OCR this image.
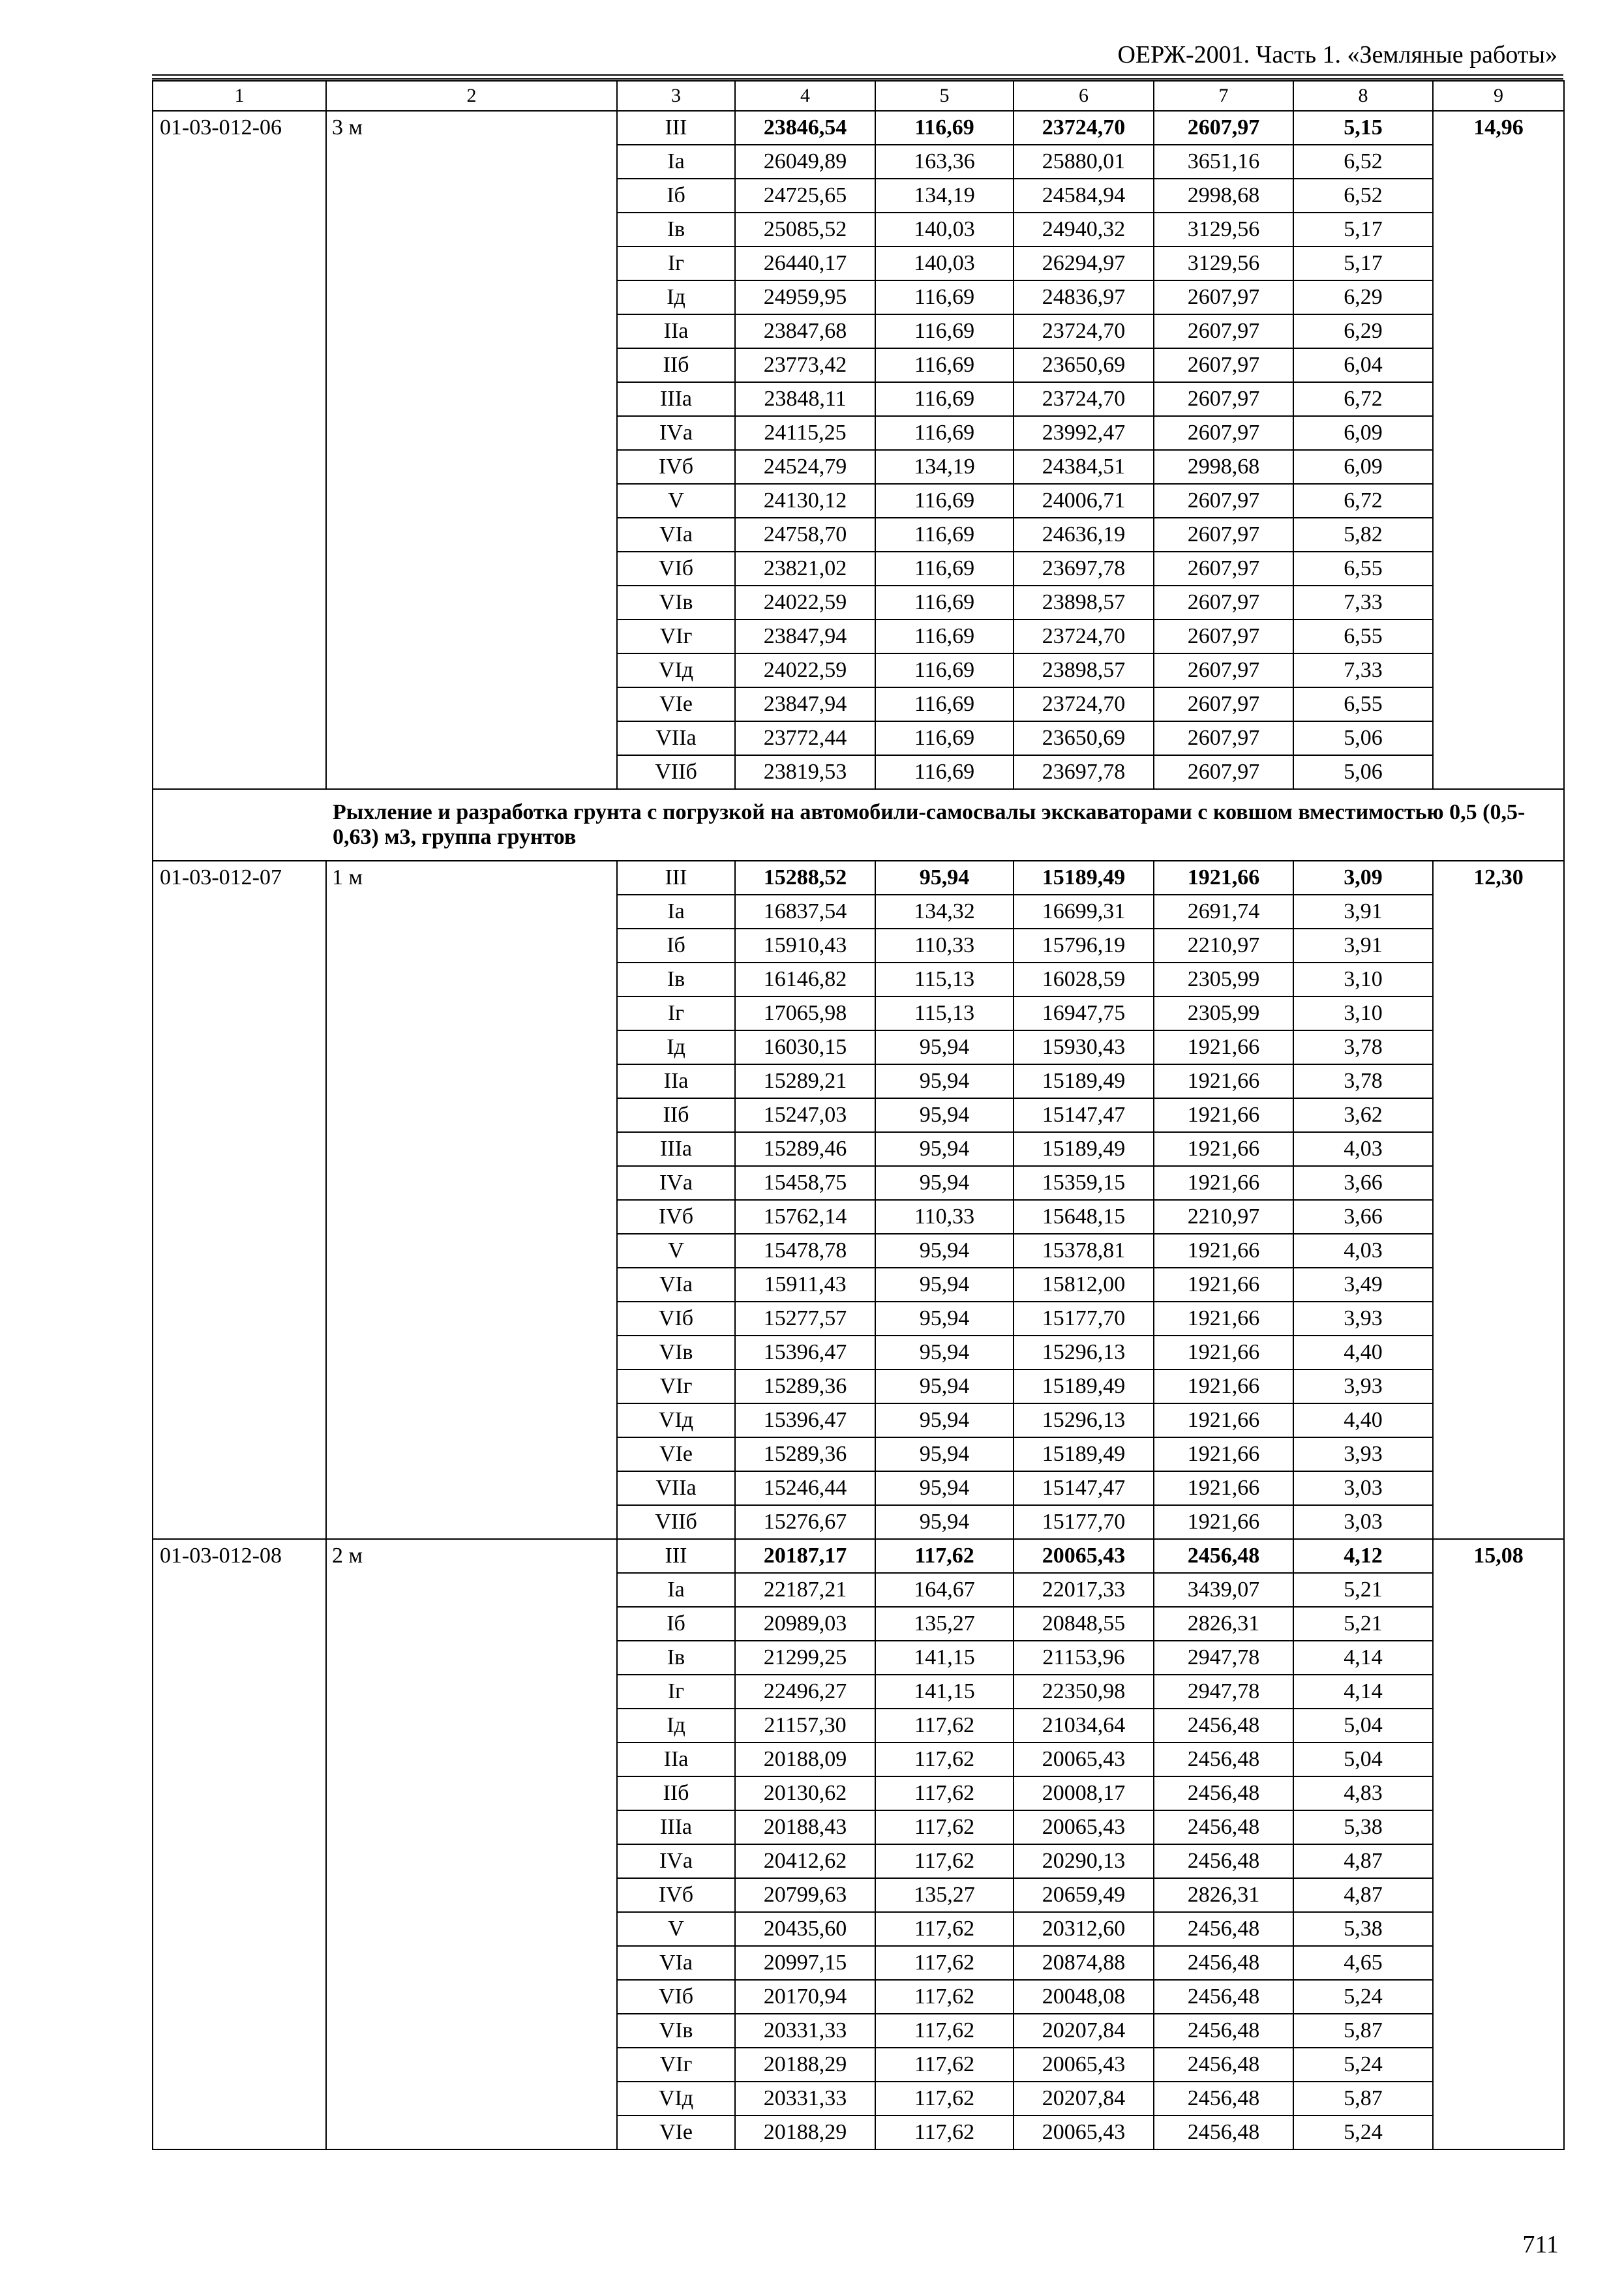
ОЕРЖ-2001. Часть 1. «Земляные работы»
1	2	3	4	5	6	7	8	9
01-03-012-06	3 м	III	23846,54	116,69	23724,70	2607,97	5,15	14,96
		Iа	26049,89	163,36	25880,01	3651,16	6,52	
		Iб	24725,65	134,19	24584,94	2998,68	6,52	
		Iв	25085,52	140,03	24940,32	3129,56	5,17	
		Iг	26440,17	140,03	26294,97	3129,56	5,17	
		Iд	24959,95	116,69	24836,97	2607,97	6,29	
		IIа	23847,68	116,69	23724,70	2607,97	6,29	
		IIб	23773,42	116,69	23650,69	2607,97	6,04	
		IIIа	23848,11	116,69	23724,70	2607,97	6,72	
		IVа	24115,25	116,69	23992,47	2607,97	6,09	
		IVб	24524,79	134,19	24384,51	2998,68	6,09	
		V	24130,12	116,69	24006,71	2607,97	6,72	
		VIа	24758,70	116,69	24636,19	2607,97	5,82	
		VIб	23821,02	116,69	23697,78	2607,97	6,55	
		VIв	24022,59	116,69	23898,57	2607,97	7,33	
		VIг	23847,94	116,69	23724,70	2607,97	6,55	
		VIд	24022,59	116,69	23898,57	2607,97	7,33	
		VIе	23847,94	116,69	23724,70	2607,97	6,55	
		VIIа	23772,44	116,69	23650,69	2607,97	5,06	
		VIIб	23819,53	116,69	23697,78	2607,97	5,06	
	Рыхление и разработка грунта с погрузкой на автомобили-самосвалы экскаваторами с ковшом вместимостью 0,5 (0,5-0,63) м3, группа грунтов							
01-03-012-07	1 м	III	15288,52	95,94	15189,49	1921,66	3,09	12,30
		Iа	16837,54	134,32	16699,31	2691,74	3,91	
		Iб	15910,43	110,33	15796,19	2210,97	3,91	
		Iв	16146,82	115,13	16028,59	2305,99	3,10	
		Iг	17065,98	115,13	16947,75	2305,99	3,10	
		Iд	16030,15	95,94	15930,43	1921,66	3,78	
		IIа	15289,21	95,94	15189,49	1921,66	3,78	
		IIб	15247,03	95,94	15147,47	1921,66	3,62	
		IIIа	15289,46	95,94	15189,49	1921,66	4,03	
		IVа	15458,75	95,94	15359,15	1921,66	3,66	
		IVб	15762,14	110,33	15648,15	2210,97	3,66	
		V	15478,78	95,94	15378,81	1921,66	4,03	
		VIа	15911,43	95,94	15812,00	1921,66	3,49	
		VIб	15277,57	95,94	15177,70	1921,66	3,93	
		VIв	15396,47	95,94	15296,13	1921,66	4,40	
		VIг	15289,36	95,94	15189,49	1921,66	3,93	
		VIд	15396,47	95,94	15296,13	1921,66	4,40	
		VIе	15289,36	95,94	15189,49	1921,66	3,93	
		VIIа	15246,44	95,94	15147,47	1921,66	3,03	
		VIIб	15276,67	95,94	15177,70	1921,66	3,03	
01-03-012-08	2 м	III	20187,17	117,62	20065,43	2456,48	4,12	15,08
		Iа	22187,21	164,67	22017,33	3439,07	5,21	
		Iб	20989,03	135,27	20848,55	2826,31	5,21	
		Iв	21299,25	141,15	21153,96	2947,78	4,14	
		Iг	22496,27	141,15	22350,98	2947,78	4,14	
		Iд	21157,30	117,62	21034,64	2456,48	5,04	
		IIа	20188,09	117,62	20065,43	2456,48	5,04	
		IIб	20130,62	117,62	20008,17	2456,48	4,83	
		IIIа	20188,43	117,62	20065,43	2456,48	5,38	
		IVа	20412,62	117,62	20290,13	2456,48	4,87	
		IVб	20799,63	135,27	20659,49	2826,31	4,87	
		V	20435,60	117,62	20312,60	2456,48	5,38	
		VIа	20997,15	117,62	20874,88	2456,48	4,65	
		VIб	20170,94	117,62	20048,08	2456,48	5,24	
		VIв	20331,33	117,62	20207,84	2456,48	5,87	
		VIг	20188,29	117,62	20065,43	2456,48	5,24	
		VIд	20331,33	117,62	20207,84	2456,48	5,87	
		VIе	20188,29	117,62	20065,43	2456,48	5,24	
711
